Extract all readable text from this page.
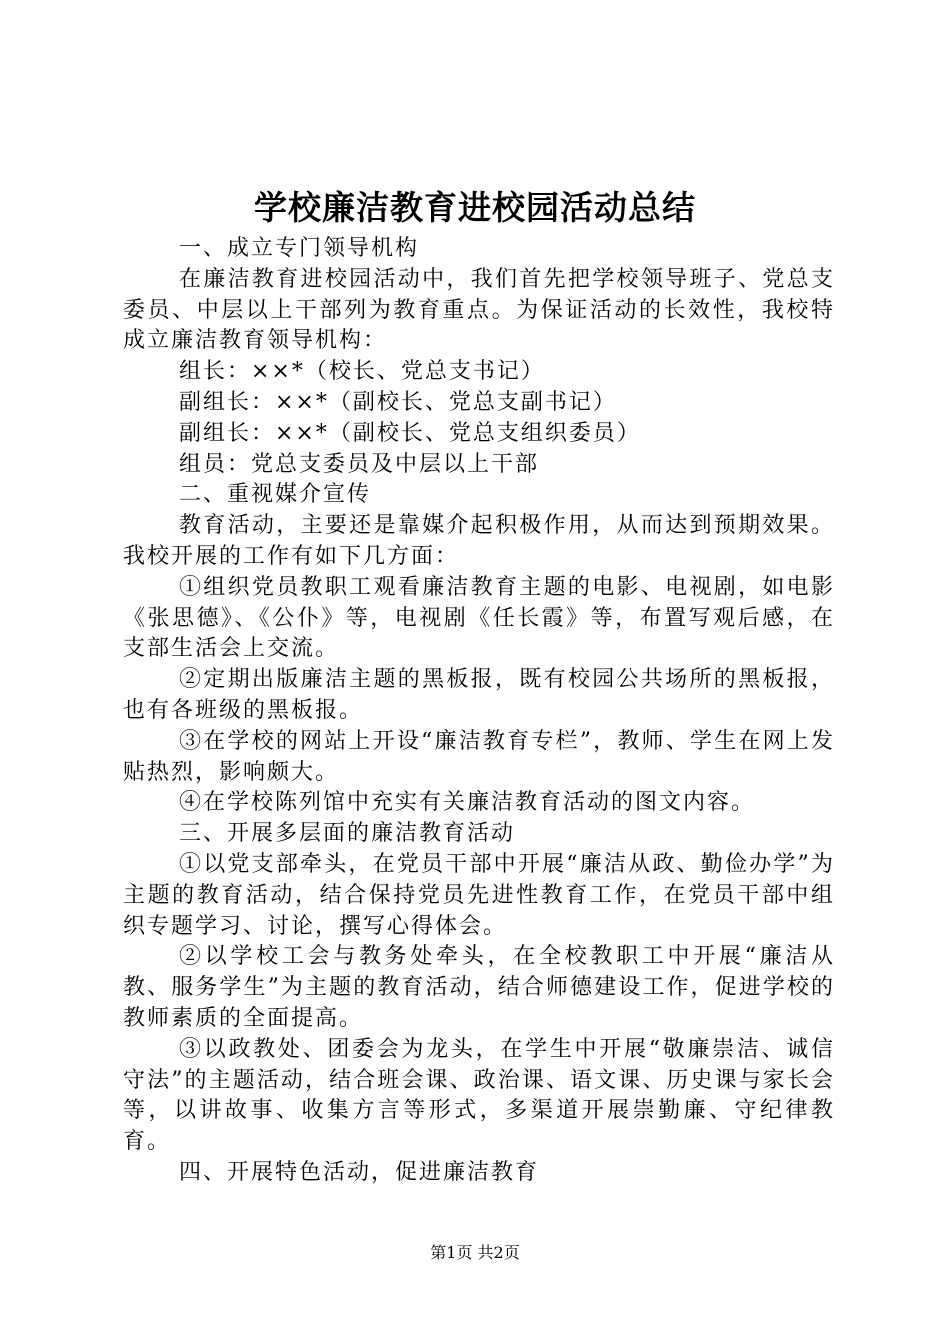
学校廉洁教育进校园活动总结

一、成立专门领导机构

在廉洁教育进校园活动中，我们首先把学校领导班子、党总支委员、中层以上干部列为教育重点。为保证活动的长效性，我校特成立廉洁教育领导机构：

组长：××*（校长、党总支书记）

副组长：××*（副校长、党总支副书记）

副组长：××*（副校长、党总支组织委员）

组员：党总支委员及中层以上干部

二、重视媒介宣传

教育活动，主要还是靠媒介起积极作用，从而达到预期效果。我校开展的工作有如下几方面：

①组织党员教职工观看廉洁教育主题的电影、电视剧，如电影《张思德》、《公仆》等，电视剧《任长霞》等，布置写观后感，在支部生活会上交流。

②定期出版廉洁主题的黑板报，既有校园公共场所的黑板报，也有各班级的黑板报。

③在学校的网站上开设“廉洁教育专栏”，教师、学生在网上发贴热烈，影响颇大。

④在学校陈列馆中充实有关廉洁教育活动的图文内容。

三、开展多层面的廉洁教育活动

①以党支部牵头，在党员干部中开展“廉洁从政、勤俭办学”为主题的教育活动，结合保持党员先进性教育工作，在党员干部中组织专题学习、讨论，撰写心得体会。

②以学校工会与教务处牵头，在全校教职工中开展“廉洁从教、服务学生”为主题的教育活动，结合师德建设工作，促进学校的教师素质的全面提高。

③以政教处、团委会为龙头，在学生中开展“敬廉崇洁、诚信守法”的主题活动，结合班会课、政治课、语文课、历史课与家长会等，以讲故事、收集方言等形式，多渠道开展崇勤廉、守纪律教育。

四、开展特色活动，促进廉洁教育

第1页 共2页
